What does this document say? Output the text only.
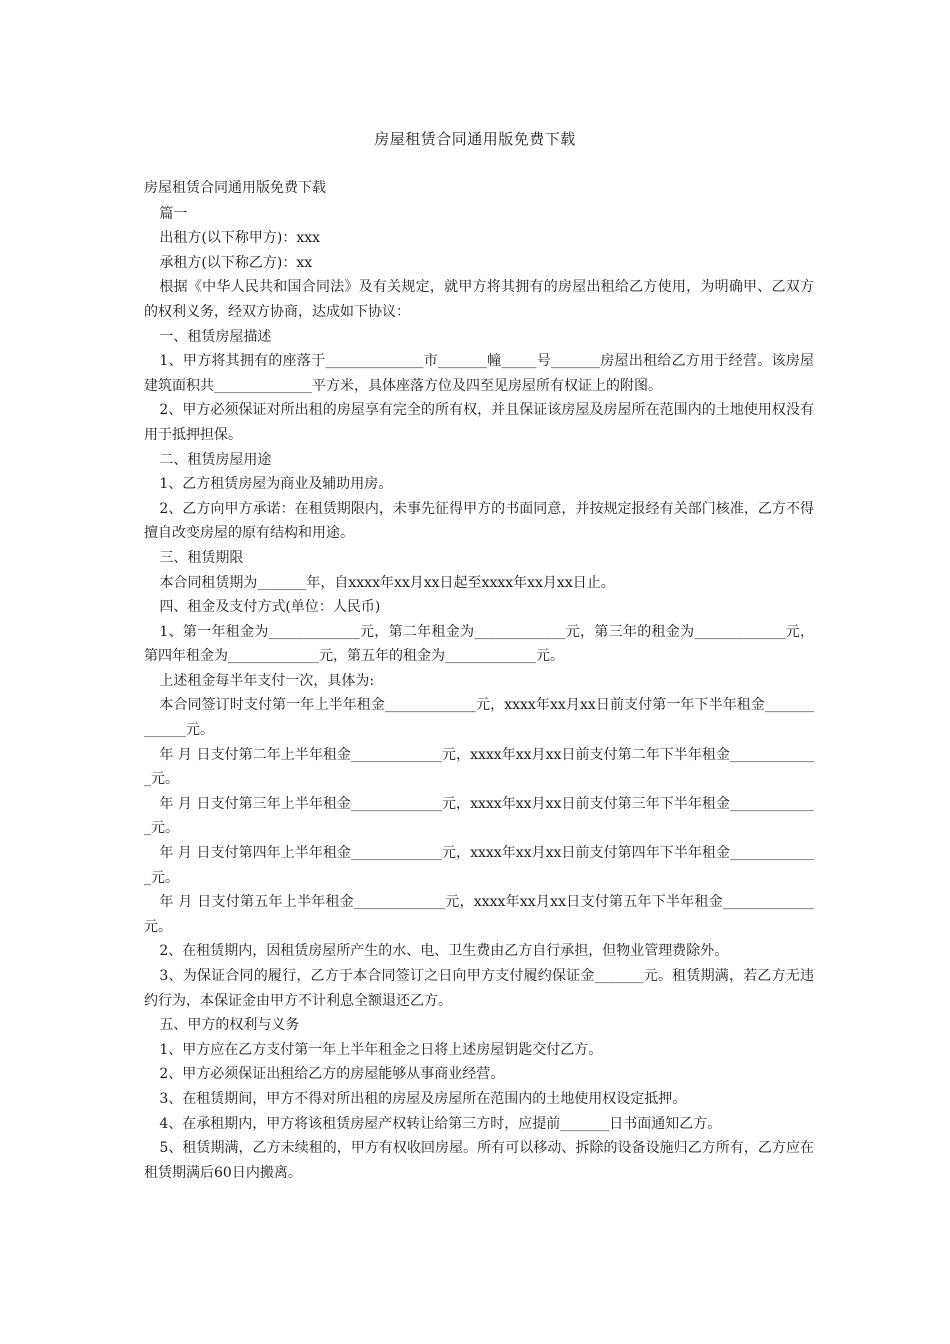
房屋租赁合同通用版免费下载

房屋租赁合同通用版免费下载

篇一

出租方(以下称甲方)：xxx

承租方(以下称乙方)：xx

根据《中华人民共和国合同法》及有关规定，就甲方将其拥有的房屋出租给乙方使用，为明确甲、乙双方的权利义务，经双方协商，达成如下协议：

一、租赁房屋描述

1、甲方将其拥有的座落于______________市_______幢_____号_______房屋出租给乙方用于经营。该房屋建筑面积共______________平方米，具体座落方位及四至见房屋所有权证上的附图。

2、甲方必须保证对所出租的房屋享有完全的所有权，并且保证该房屋及房屋所在范围内的土地使用权没有用于抵押担保。

二、租赁房屋用途

1、乙方租赁房屋为商业及辅助用房。

2、乙方向甲方承诺：在租赁期限内，未事先征得甲方的书面同意，并按规定报经有关部门核准，乙方不得擅自改变房屋的原有结构和用途。

三、租赁期限

本合同租赁期为_______年，自xxxx年xx月xx日起至xxxx年xx月xx日止。

四、租金及支付方式(单位：人民币)

1、第一年租金为_____________元，第二年租金为_____________元，第三年的租金为_____________元，第四年租金为_____________元，第五年的租金为_____________元。

上述租金每半年支付一次，具体为:

本合同签订时支付第一年上半年租金_____________元，xxxx年xx月xx日前支付第一年下半年租金_____________元。

年 月 日支付第二年上半年租金_____________元，xxxx年xx月xx日前支付第二年下半年租金_____________元。

年 月 日支付第三年上半年租金_____________元，xxxx年xx月xx日前支付第三年下半年租金_____________元。

年 月 日支付第四年上半年租金_____________元，xxxx年xx月xx日前支付第四年下半年租金_____________元。

年 月 日支付第五年上半年租金_____________元，xxxx年xx月xx日支付第五年下半年租金_____________元。

2、在租赁期内，因租赁房屋所产生的水、电、卫生费由乙方自行承担，但物业管理费除外。

3、为保证合同的履行，乙方于本合同签订之日向甲方支付履约保证金_______元。租赁期满，若乙方无违约行为，本保证金由甲方不计利息全额退还乙方。

五、甲方的权利与义务

1、甲方应在乙方支付第一年上半年租金之日将上述房屋钥匙交付乙方。

2、甲方必须保证出租给乙方的房屋能够从事商业经营。

3、在租赁期间，甲方不得对所出租的房屋及房屋所在范围内的土地使用权设定抵押。

4、在承租期内，甲方将该租赁房屋产权转让给第三方时，应提前_______日书面通知乙方。

5、租赁期满，乙方未续租的，甲方有权收回房屋。所有可以移动、拆除的设备设施归乙方所有，乙方应在租赁期满后60日内搬离。
